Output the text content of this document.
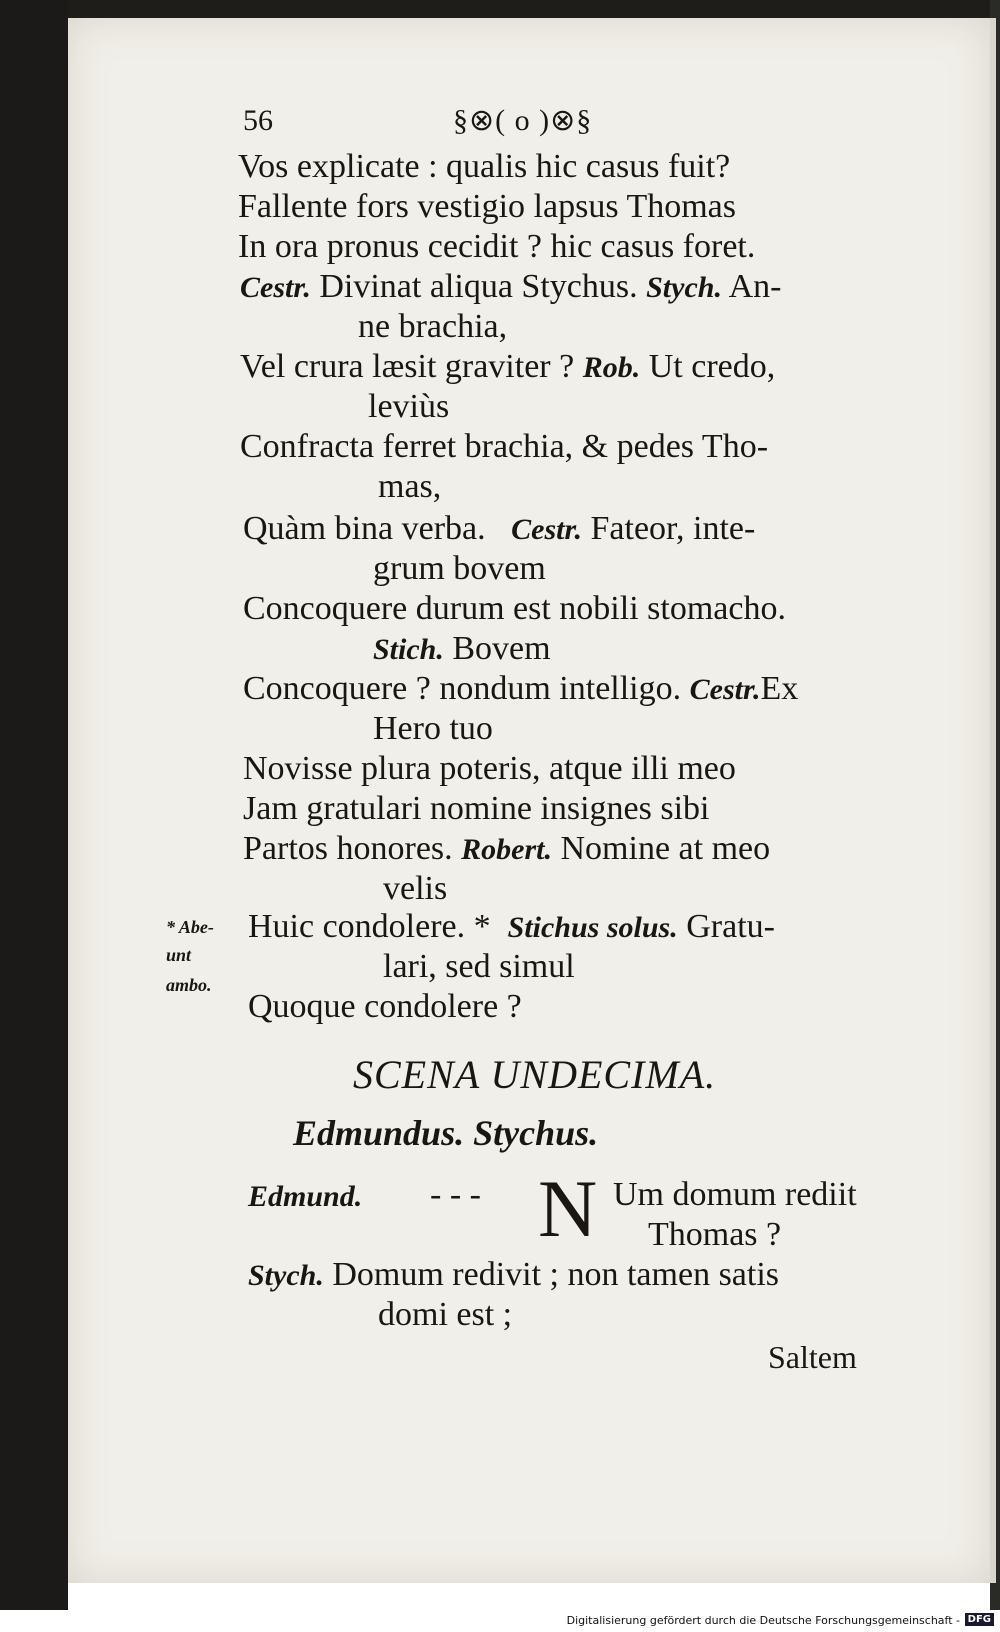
56	§⊗( o )⊗§
Vos explicate : qualis hic casus fuit?
Fallente fors vestigio lapsus Thomas
In ora pronus cecidit ? hic casus foret.
Cestr. Divinat aliqua Stychus. Stych. An-
ne brachia,
Vel crura læsit graviter ? Rob. Ut credo,
leviùs
Confracta ferret brachia, & pedes Tho-
mas,
Quàm bina verba. Cestr. Fateor, inte-
grum bovem
Concoquere durum est nobili stomacho.
Stich. Bovem
Concoquere ? nondum intelligo. Cestr.Ex
Hero tuo
Novisse plura poteris, atque illi meo
Jam gratulari nomine insignes sibi
Partos honores. Robert. Nomine at meo
velis
* Abe-
unt
ambo.
Huic condolere. * Stichus solus. Gratu-
lari, sed simul
Quoque condolere ?
SCENA UNDECIMA.
Edmundus. Stychus.
Edmund. - - - N Um domum rediit
Thomas ?
Stych. Domum redivit ; non tamen satis
domi est ;
Saltem
Digitalisierung gefördert durch die Deutsche Forschungsgemeinschaft - DFG
